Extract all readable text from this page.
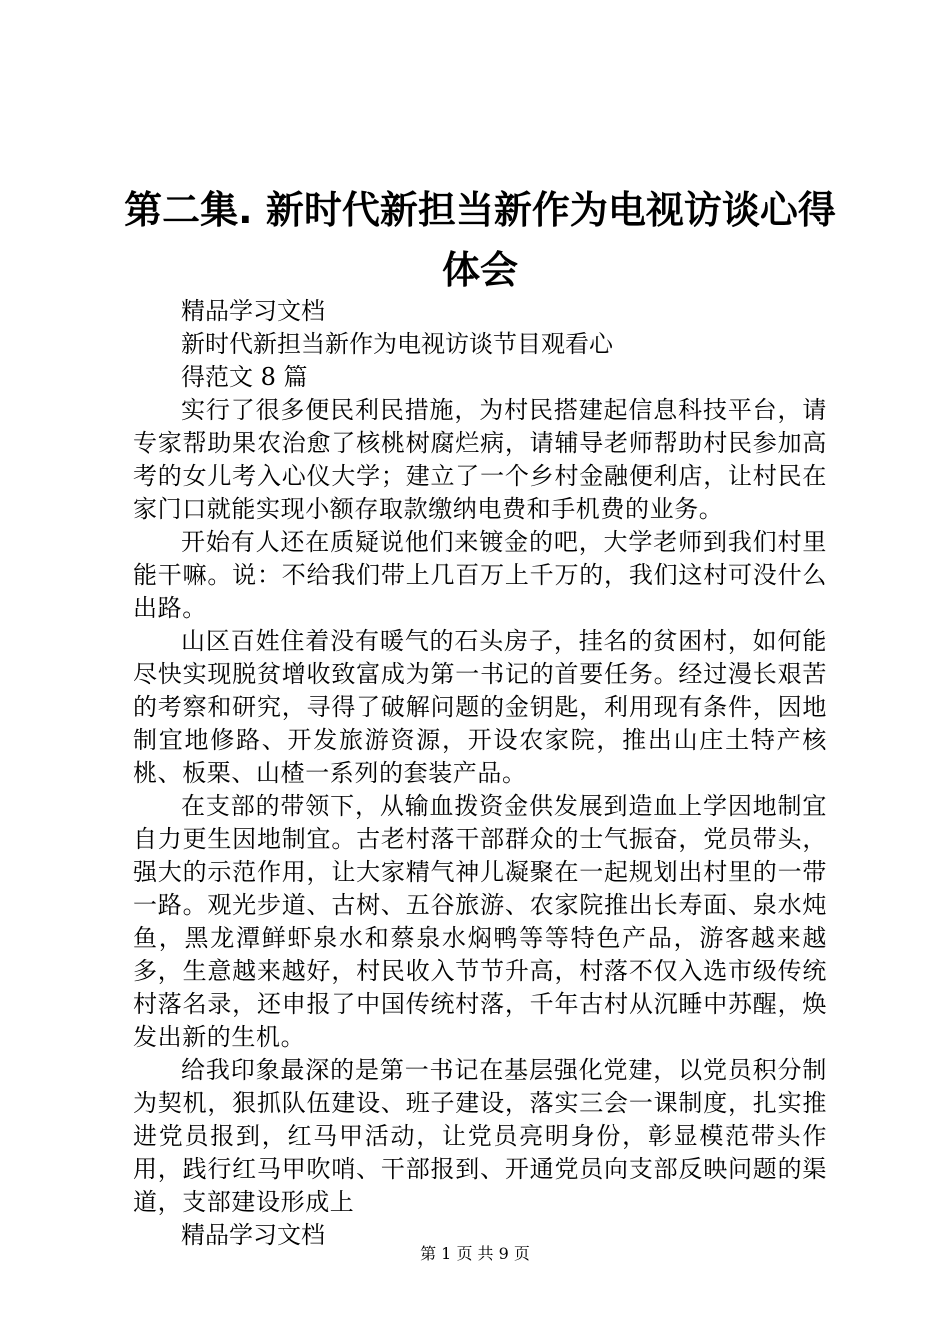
第二集. 新时代新担当新作为电视访谈心得体会

精品学习文档

新时代新担当新作为电视访谈节目观看心

得范文 8 篇

实行了很多便民利民措施，为村民搭建起信息科技平台，请专家帮助果农治愈了核桃树腐烂病，请辅导老师帮助村民参加高考的女儿考入心仪大学；建立了一个乡村金融便利店，让村民在家门口就能实现小额存取款缴纳电费和手机费的业务。

开始有人还在质疑说他们来镀金的吧，大学老师到我们村里能干嘛。说：不给我们带上几百万上千万的，我们这村可没什么出路。

山区百姓住着没有暖气的石头房子，挂名的贫困村，如何能尽快实现脱贫增收致富成为第一书记的首要任务。经过漫长艰苦的考察和研究，寻得了破解问题的金钥匙，利用现有条件，因地制宜地修路、开发旅游资源，开设农家院，推出山庄土特产核桃、板栗、山楂一系列的套装产品。

在支部的带领下，从输血拨资金供发展到造血上学因地制宜自力更生因地制宜。古老村落干部群众的士气振奋，党员带头，强大的示范作用，让大家精气神儿凝聚在一起规划出村里的一带一路。观光步道、古树、五谷旅游、农家院推出长寿面、泉水炖鱼，黑龙潭鲜虾泉水和蔡泉水焖鸭等等特色产品，游客越来越多，生意越来越好，村民收入节节升高，村落不仅入选市级传统村落名录，还申报了中国传统村落，千年古村从沉睡中苏醒，焕发出新的生机。

给我印象最深的是第一书记在基层强化党建，以党员积分制为契机，狠抓队伍建设、班子建设，落实三会一课制度，扎实推进党员报到，红马甲活动，让党员亮明身份，彰显模范带头作用，践行红马甲吹哨、干部报到、开通党员向支部反映问题的渠道，支部建设形成上

精品学习文档

第 1 页 共 9 页
